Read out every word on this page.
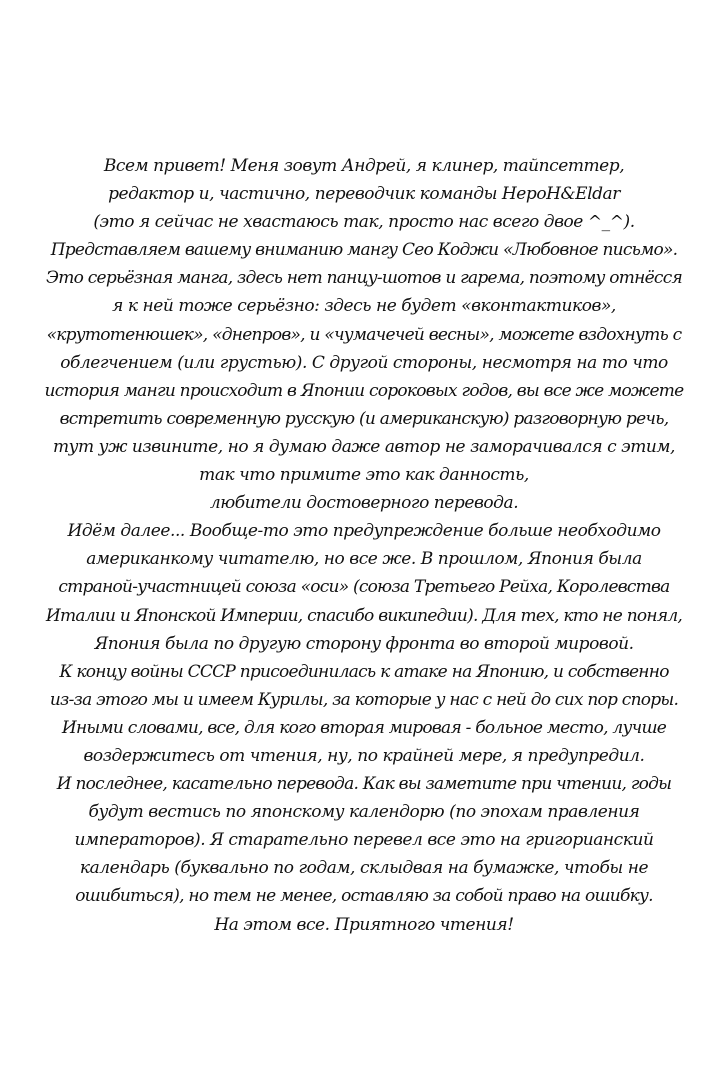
Всем привет! Меня зовут Андрей, я клинер, тайпсеттер,
редактор и, частично, переводчик команды НероН&Eldar
(это я сейчас не хвастаюсь так, просто нас всего двое ^_^).
Представляем вашему вниманию мангу Сео Коджи «Любовное письмо».
Это серьёзная манга, здесь нет панцу-шотов и гарема, поэтому отнёсся
я к ней тоже серьёзно: здесь не будет «вконтактиков»,
«крутотенюшек», «днепров», и «чумачечей весны», можете вздохнуть с
облегчением (или грустью). С другой стороны, несмотря на то что
история манги происходит в Японии сороковых годов, вы все же можете
встретить современную русскую (и американскую) разговорную речь,
тут уж извините, но я думаю даже автор не заморачивался с этим,
так что примите это как данность,
любители достоверного перевода.
Идём далее... Вообще-то это предупреждение больше необходимо
американкому читателю, но все же. В прошлом, Япония была
страной-участницей союза «оси» (союза Третьего Рейха, Королевства
Италии и Японской Империи, спасибо википедии). Для тех, кто не понял,
Япония была по другую сторону фронта во второй мировой.
К концу войны СССР присоединилась к атаке на Японию, и собственно
из-за этого мы и имеем Курилы, за которые у нас с ней до сих пор споры.
Иными словами, все, для кого вторая мировая - больное место, лучше
воздержитесь от чтения, ну, по крайней мере, я предупредил.
И последнее, касательно перевода. Как вы заметите при чтении, годы
будут вестись по японскому календорю (по эпохам правления
императоров). Я старательно перевел все это на григорианский
календарь (буквально по годам, склыдвая на бумажке, чтобы не
ошибиться), но тем не менее, оставляю за собой право на ошибку.
На этом все. Приятного чтения!
